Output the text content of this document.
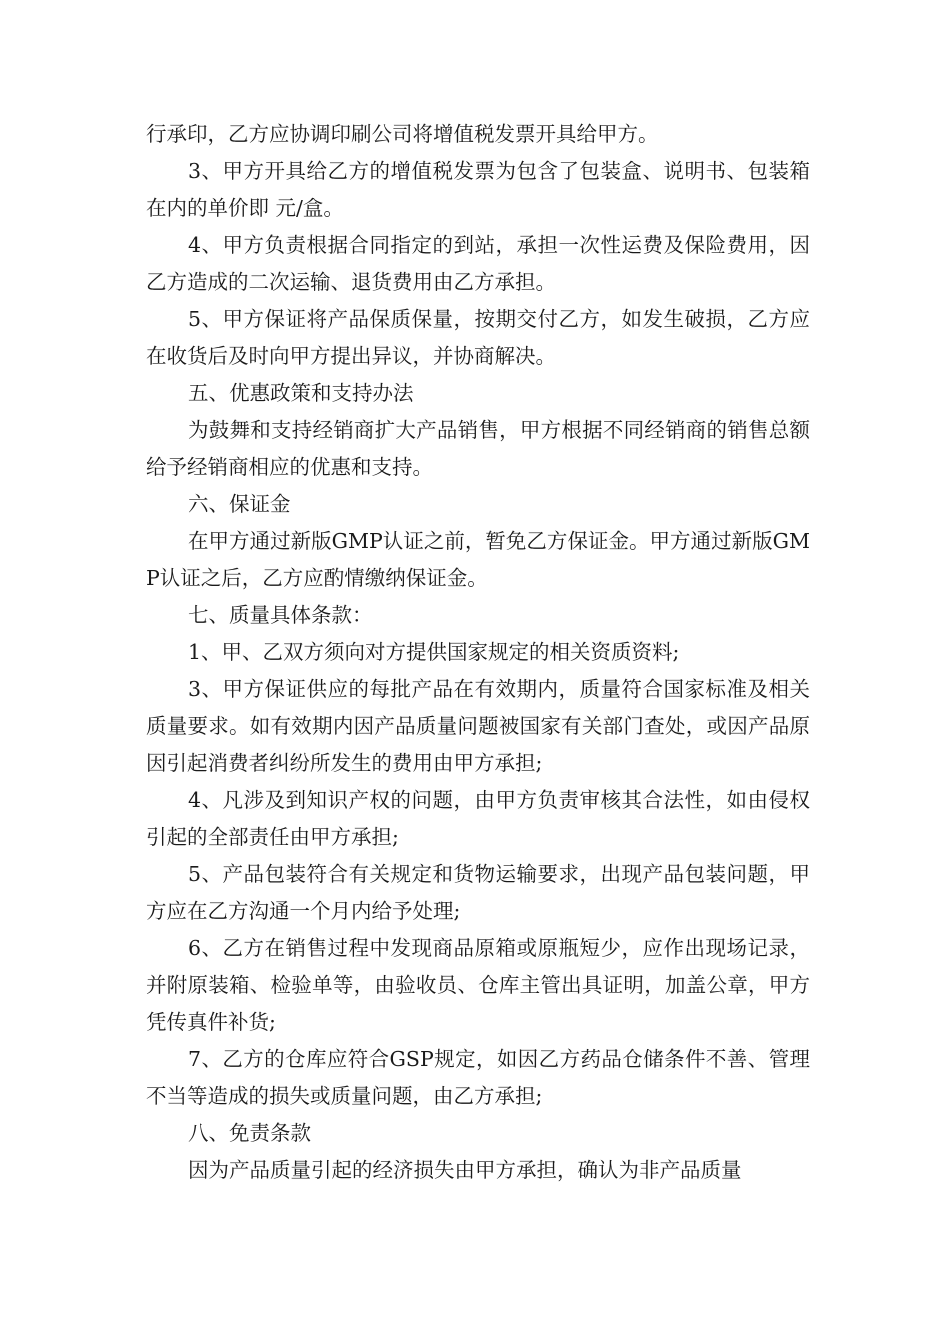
行承印，乙方应协调印刷公司将增值税发票开具给甲方。

3、甲方开具给乙方的增值税发票为包含了包装盒、说明书、包装箱在内的单价即 元/盒。

4、甲方负责根据合同指定的到站，承担一次性运费及保险费用，因乙方造成的二次运输、退货费用由乙方承担。

5、甲方保证将产品保质保量，按期交付乙方，如发生破损，乙方应在收货后及时向甲方提出异议，并协商解决。

五、优惠政策和支持办法

为鼓舞和支持经销商扩大产品销售，甲方根据不同经销商的销售总额给予经销商相应的优惠和支持。

六、保证金

在甲方通过新版GMP认证之前，暂免乙方保证金。甲方通过新版GMP认证之后，乙方应酌情缴纳保证金。

七、质量具体条款：

1、甲、乙双方须向对方提供国家规定的相关资质资料;

3、甲方保证供应的每批产品在有效期内，质量符合国家标准及相关质量要求。如有效期内因产品质量问题被国家有关部门查处，或因产品原因引起消费者纠纷所发生的费用由甲方承担;

4、凡涉及到知识产权的问题，由甲方负责审核其合法性，如由侵权引起的全部责任由甲方承担;

5、产品包装符合有关规定和货物运输要求，出现产品包装问题，甲方应在乙方沟通一个月内给予处理;

6、乙方在销售过程中发现商品原箱或原瓶短少，应作出现场记录，并附原装箱、检验单等，由验收员、仓库主管出具证明，加盖公章，甲方凭传真件补货;

7、乙方的仓库应符合GSP规定，如因乙方药品仓储条件不善、管理不当等造成的损失或质量问题，由乙方承担;

八、免责条款

因为产品质量引起的经济损失由甲方承担，确认为非产品质量
